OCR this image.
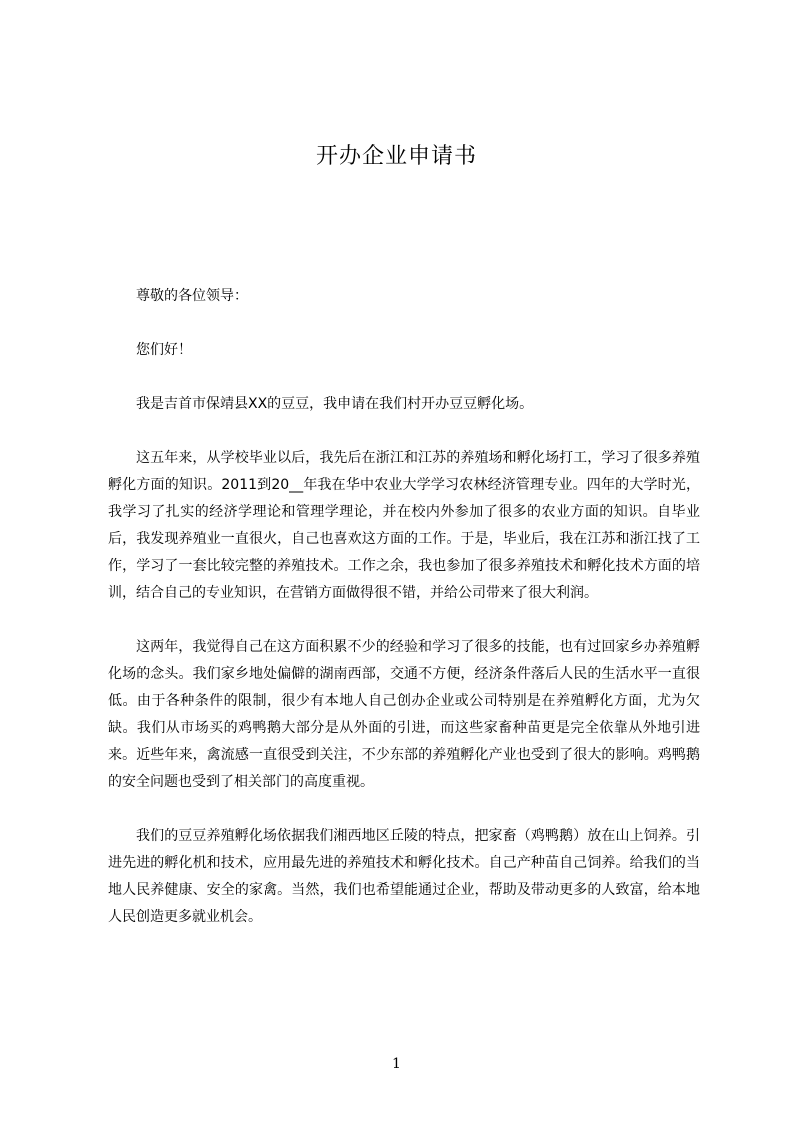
开办企业申请书

尊敬的各位领导：

您们好！

我是吉首市保靖县XX的豆豆，我申请在我们村开办豆豆孵化场。

这五年来，从学校毕业以后，我先后在浙江和江苏的养殖场和孵化场打工，学习了很多养殖孵化方面的知识。2011到20__年我在华中农业大学学习农林经济管理专业。四年的大学时光，我学习了扎实的经济学理论和管理学理论，并在校内外参加了很多的农业方面的知识。自毕业后，我发现养殖业一直很火，自己也喜欢这方面的工作。于是，毕业后，我在江苏和浙江找了工作，学习了一套比较完整的养殖技术。工作之余，我也参加了很多养殖技术和孵化技术方面的培训，结合自己的专业知识，在营销方面做得很不错，并给公司带来了很大利润。

这两年，我觉得自己在这方面积累不少的经验和学习了很多的技能，也有过回家乡办养殖孵化场的念头。我们家乡地处偏僻的湖南西部，交通不方便，经济条件落后人民的生活水平一直很低。由于各种条件的限制，很少有本地人自己创办企业或公司特别是在养殖孵化方面，尤为欠缺。我们从市场买的鸡鸭鹅大部分是从外面的引进，而这些家畜种苗更是完全依靠从外地引进来。近些年来，禽流感一直很受到关注，不少东部的养殖孵化产业也受到了很大的影响。鸡鸭鹅的安全问题也受到了相关部门的高度重视。

我们的豆豆养殖孵化场依据我们湘西地区丘陵的特点，把家畜（鸡鸭鹅）放在山上饲养。引进先进的孵化机和技术，应用最先进的养殖技术和孵化技术。自己产种苗自己饲养。给我们的当地人民养健康、安全的家禽。当然，我们也希望能通过企业，帮助及带动更多的人致富，给本地人民创造更多就业机会。

1
